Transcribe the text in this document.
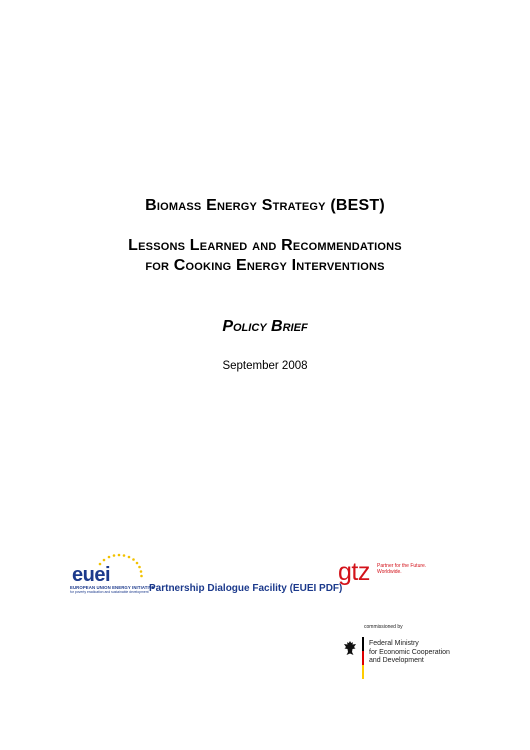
Biomass Energy Strategy (BEST)

Lessons Learned and Recommendations

for Cooking Energy Interventions

Policy Brief

September 2008
euei
EUROPEAN UNION ENERGY INITIATIVE
for poverty eradication and sustainable development Partnership Dialogue Facility (EUEI PDF)
gtz Partner for the Future.
Worldwide.
commissioned by
Federal Ministry
for Economic Cooperation
and Development
